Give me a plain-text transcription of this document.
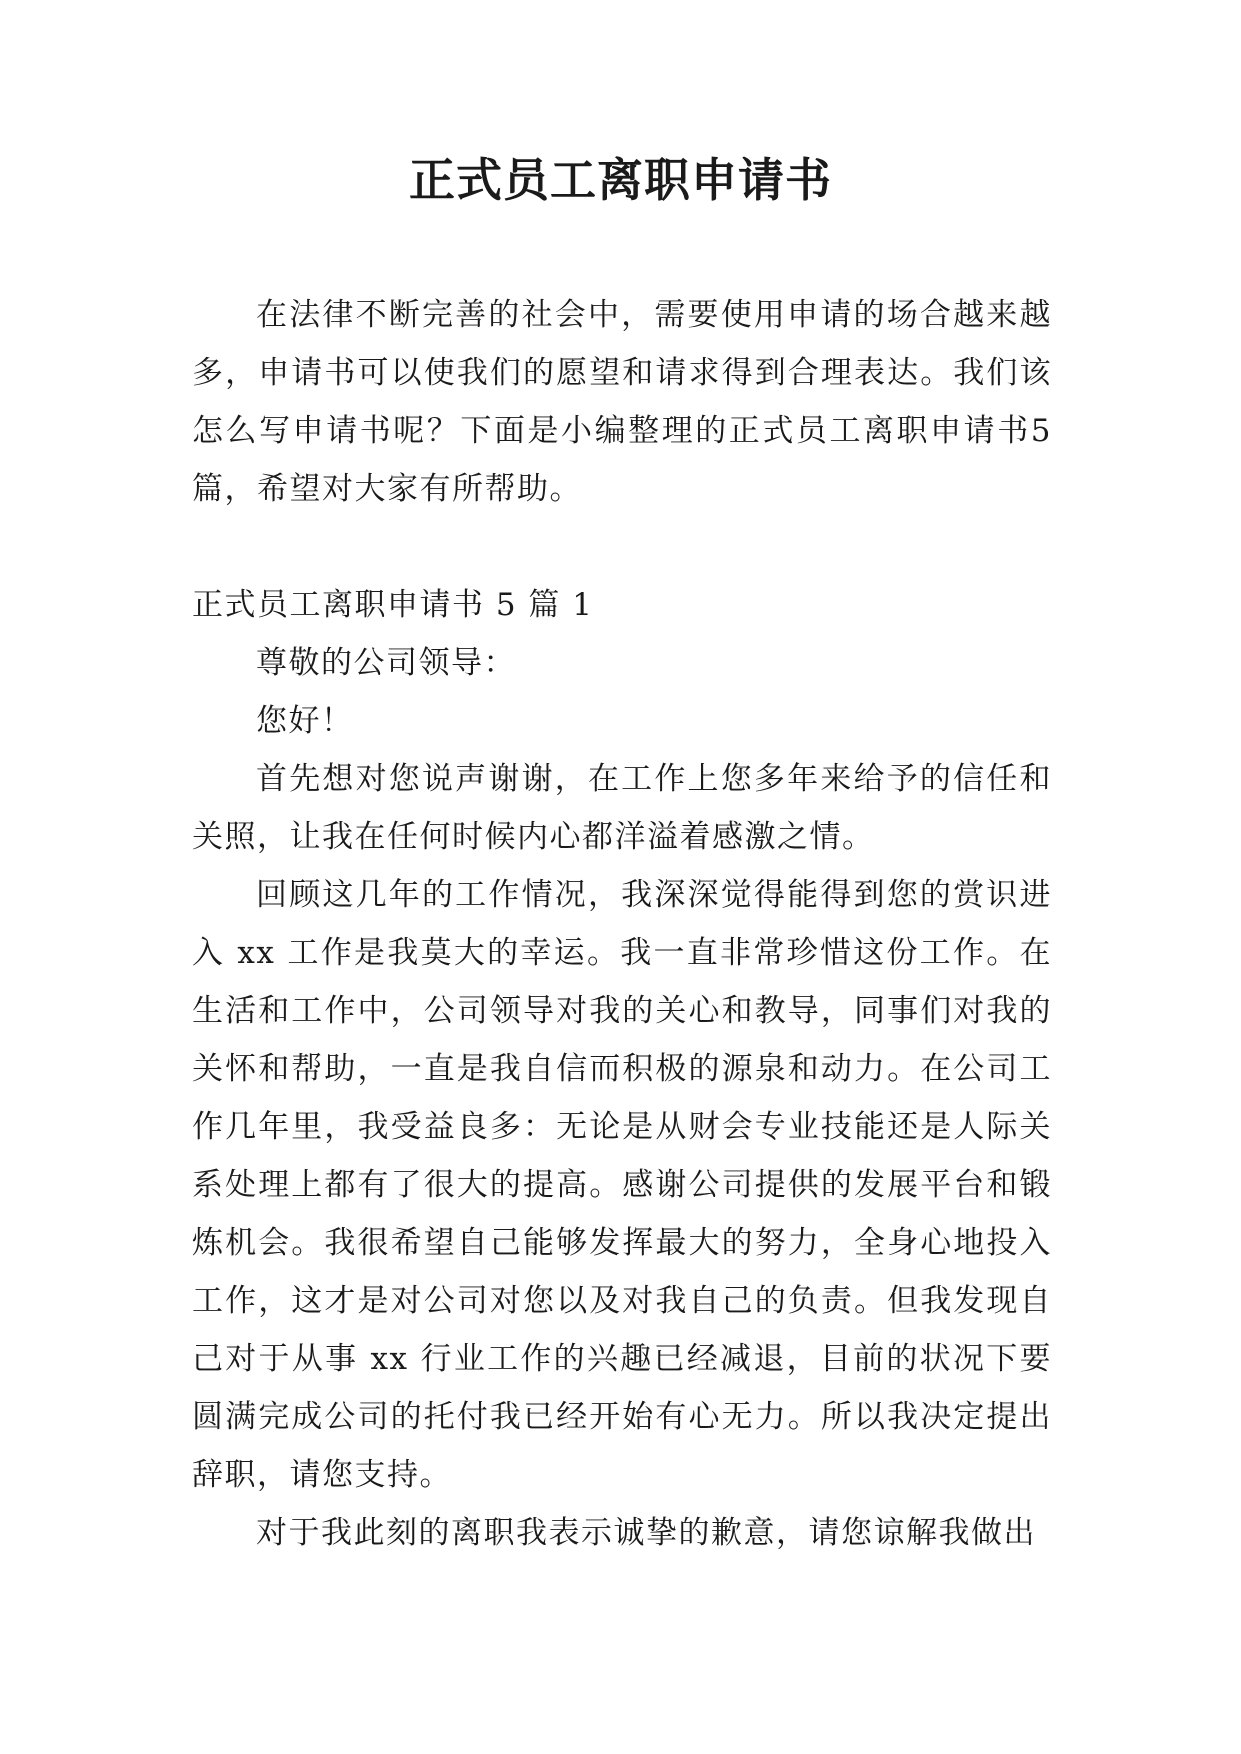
正式员工离职申请书

在法律不断完善的社会中，需要使用申请的场合越来越多，申请书可以使我们的愿望和请求得到合理表达。我们该怎么写申请书呢？下面是小编整理的正式员工离职申请书5篇，希望对大家有所帮助。

正式员工离职申请书 5 篇 1

尊敬的公司领导：

您好！

首先想对您说声谢谢，在工作上您多年来给予的信任和关照，让我在任何时候内心都洋溢着感激之情。

回顾这几年的工作情况，我深深觉得能得到您的赏识进入 xx 工作是我莫大的幸运。我一直非常珍惜这份工作。在生活和工作中，公司领导对我的关心和教导，同事们对我的关怀和帮助，一直是我自信而积极的源泉和动力。在公司工作几年里，我受益良多：无论是从财会专业技能还是人际关系处理上都有了很大的提高。感谢公司提供的发展平台和锻炼机会。我很希望自己能够发挥最大的努力，全身心地投入工作，这才是对公司对您以及对我自己的负责。但我发现自己对于从事 xx 行业工作的兴趣已经减退，目前的状况下要圆满完成公司的托付我已经开始有心无力。所以我决定提出辞职，请您支持。

对于我此刻的离职我表示诚挚的歉意，请您谅解我做出
